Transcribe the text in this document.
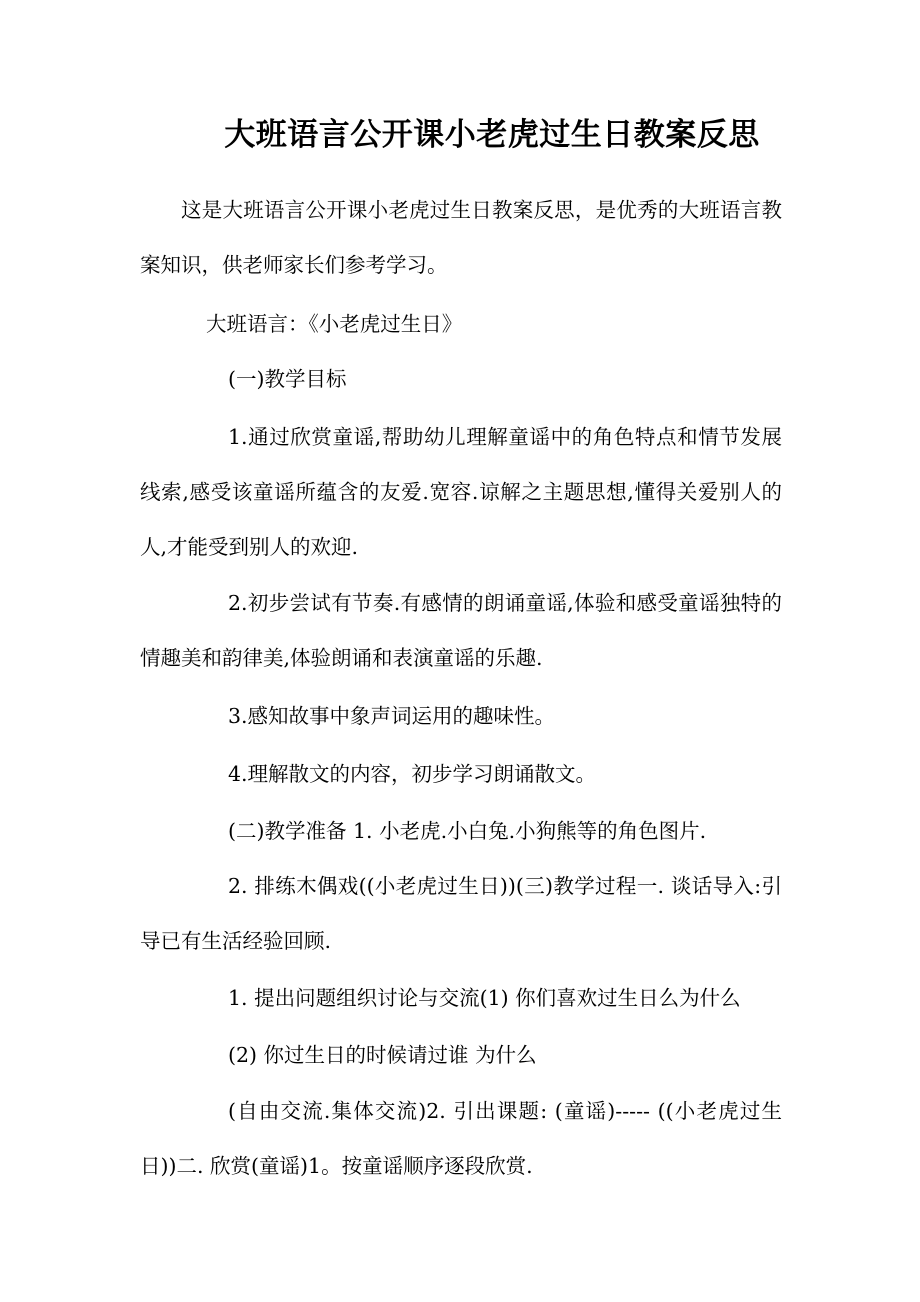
大班语言公开课小老虎过生日教案反思

这是大班语言公开课小老虎过生日教案反思，是优秀的大班语言教案知识，供老师家长们参考学习。

大班语言：《小老虎过生日》

(一)教学目标

1.通过欣赏童谣,帮助幼儿理解童谣中的角色特点和情节发展线索,感受该童谣所蕴含的友爱.宽容.谅解之主题思想,懂得关爱别人的人,才能受到别人的欢迎.

2.初步尝试有节奏.有感情的朗诵童谣,体验和感受童谣独特的情趣美和韵律美,体验朗诵和表演童谣的乐趣.

3.感知故事中象声词运用的趣味性。

4.理解散文的内容，初步学习朗诵散文。

(二)教学准备 1. 小老虎.小白兔.小狗熊等的角色图片.

2. 排练木偶戏((小老虎过生日))(三)教学过程一. 谈话导入:引导已有生活经验回顾.

1. 提出问题组织讨论与交流(1) 你们喜欢过生日么为什么

(2) 你过生日的时候请过谁 为什么

(自由交流.集体交流)2. 引出课题: (童谣)----- ((小老虎过生日))二. 欣赏(童谣)1。按童谣顺序逐段欣赏.
